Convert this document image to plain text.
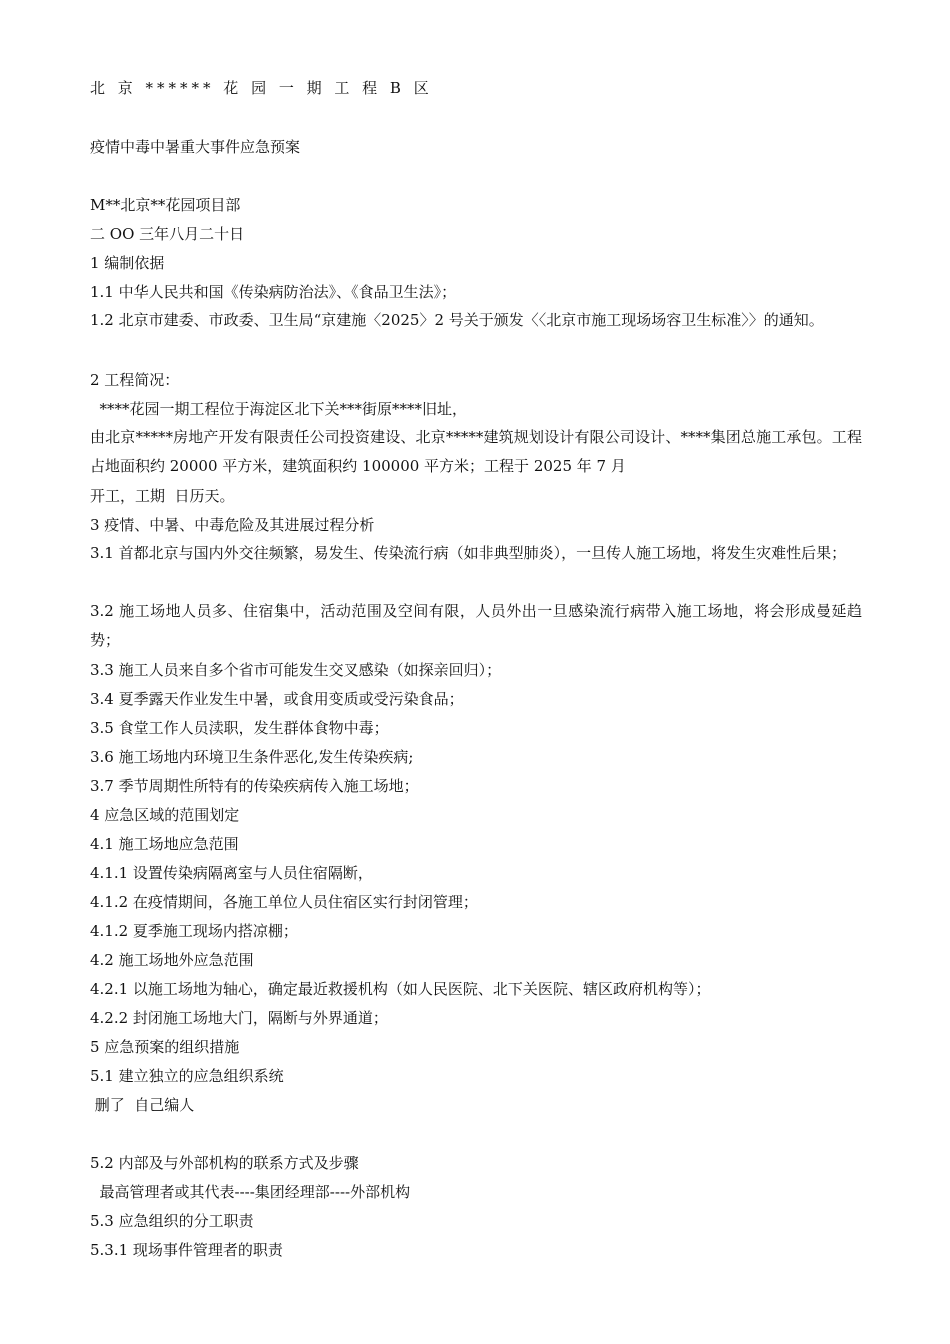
北 京 ****** 花 园 一 期 工 程 B 区
疫情中毒中暑重大事件应急预案
M**北京**花园项目部
二 OO 三年八月二十日
1 编制依据
1.1 中华人民共和国《传染病防治法》、《食品卫生法》；
1.2 北京市建委、市政委、卫生局“京建施〈2025〉2 号关于颁发〈〈北京市施工现场场容卫生标准〉〉的通知。
2 工程简况：
****花园一期工程位于海淀区北下关***街原****旧址，
由北京*****房地产开发有限责任公司投资建设、北京*****建筑规划设计有限公司设计、****集团总施工承包。工程占地面积约 20000 平方米，建筑面积约 100000 平方米；工程于 2025 年 7 月
开工，工期  日历天。
3 疫情、中暑、中毒危险及其进展过程分析
3.1 首都北京与国内外交往频繁，易发生、传染流行病（如非典型肺炎），一旦传人施工场地，将发生灾难性后果；
3.2 施工场地人员多、住宿集中，活动范围及空间有限，人员外出一旦感染流行病带入施工场地，将会形成曼延趋势；
3.3 施工人员来自多个省市可能发生交叉感染（如探亲回归）；
3.4 夏季露天作业发生中暑，或食用变质或受污染食品；
3.5 食堂工作人员渎职，发生群体食物中毒；
3.6 施工场地内环境卫生条件恶化,发生传染疾病;
3.7 季节周期性所特有的传染疾病传入施工场地；
4 应急区域的范围划定
4.1 施工场地应急范围
4.1.1 设置传染病隔离室与人员住宿隔断，
4.1.2 在疫情期间，各施工单位人员住宿区实行封闭管理；
4.1.2 夏季施工现场内搭凉棚；
4.2 施工场地外应急范围
4.2.1 以施工场地为轴心，确定最近救援机构（如人民医院、北下关医院、辖区政府机构等）；
4.2.2 封闭施工场地大门，隔断与外界通道；
5 应急预案的组织措施
5.1 建立独立的应急组织系统
删了  自己编人
5.2 内部及与外部机构的联系方式及步骤
最高管理者或其代表----集团经理部----外部机构
5.3 应急组织的分工职责
5.3.1 现场事件管理者的职责
